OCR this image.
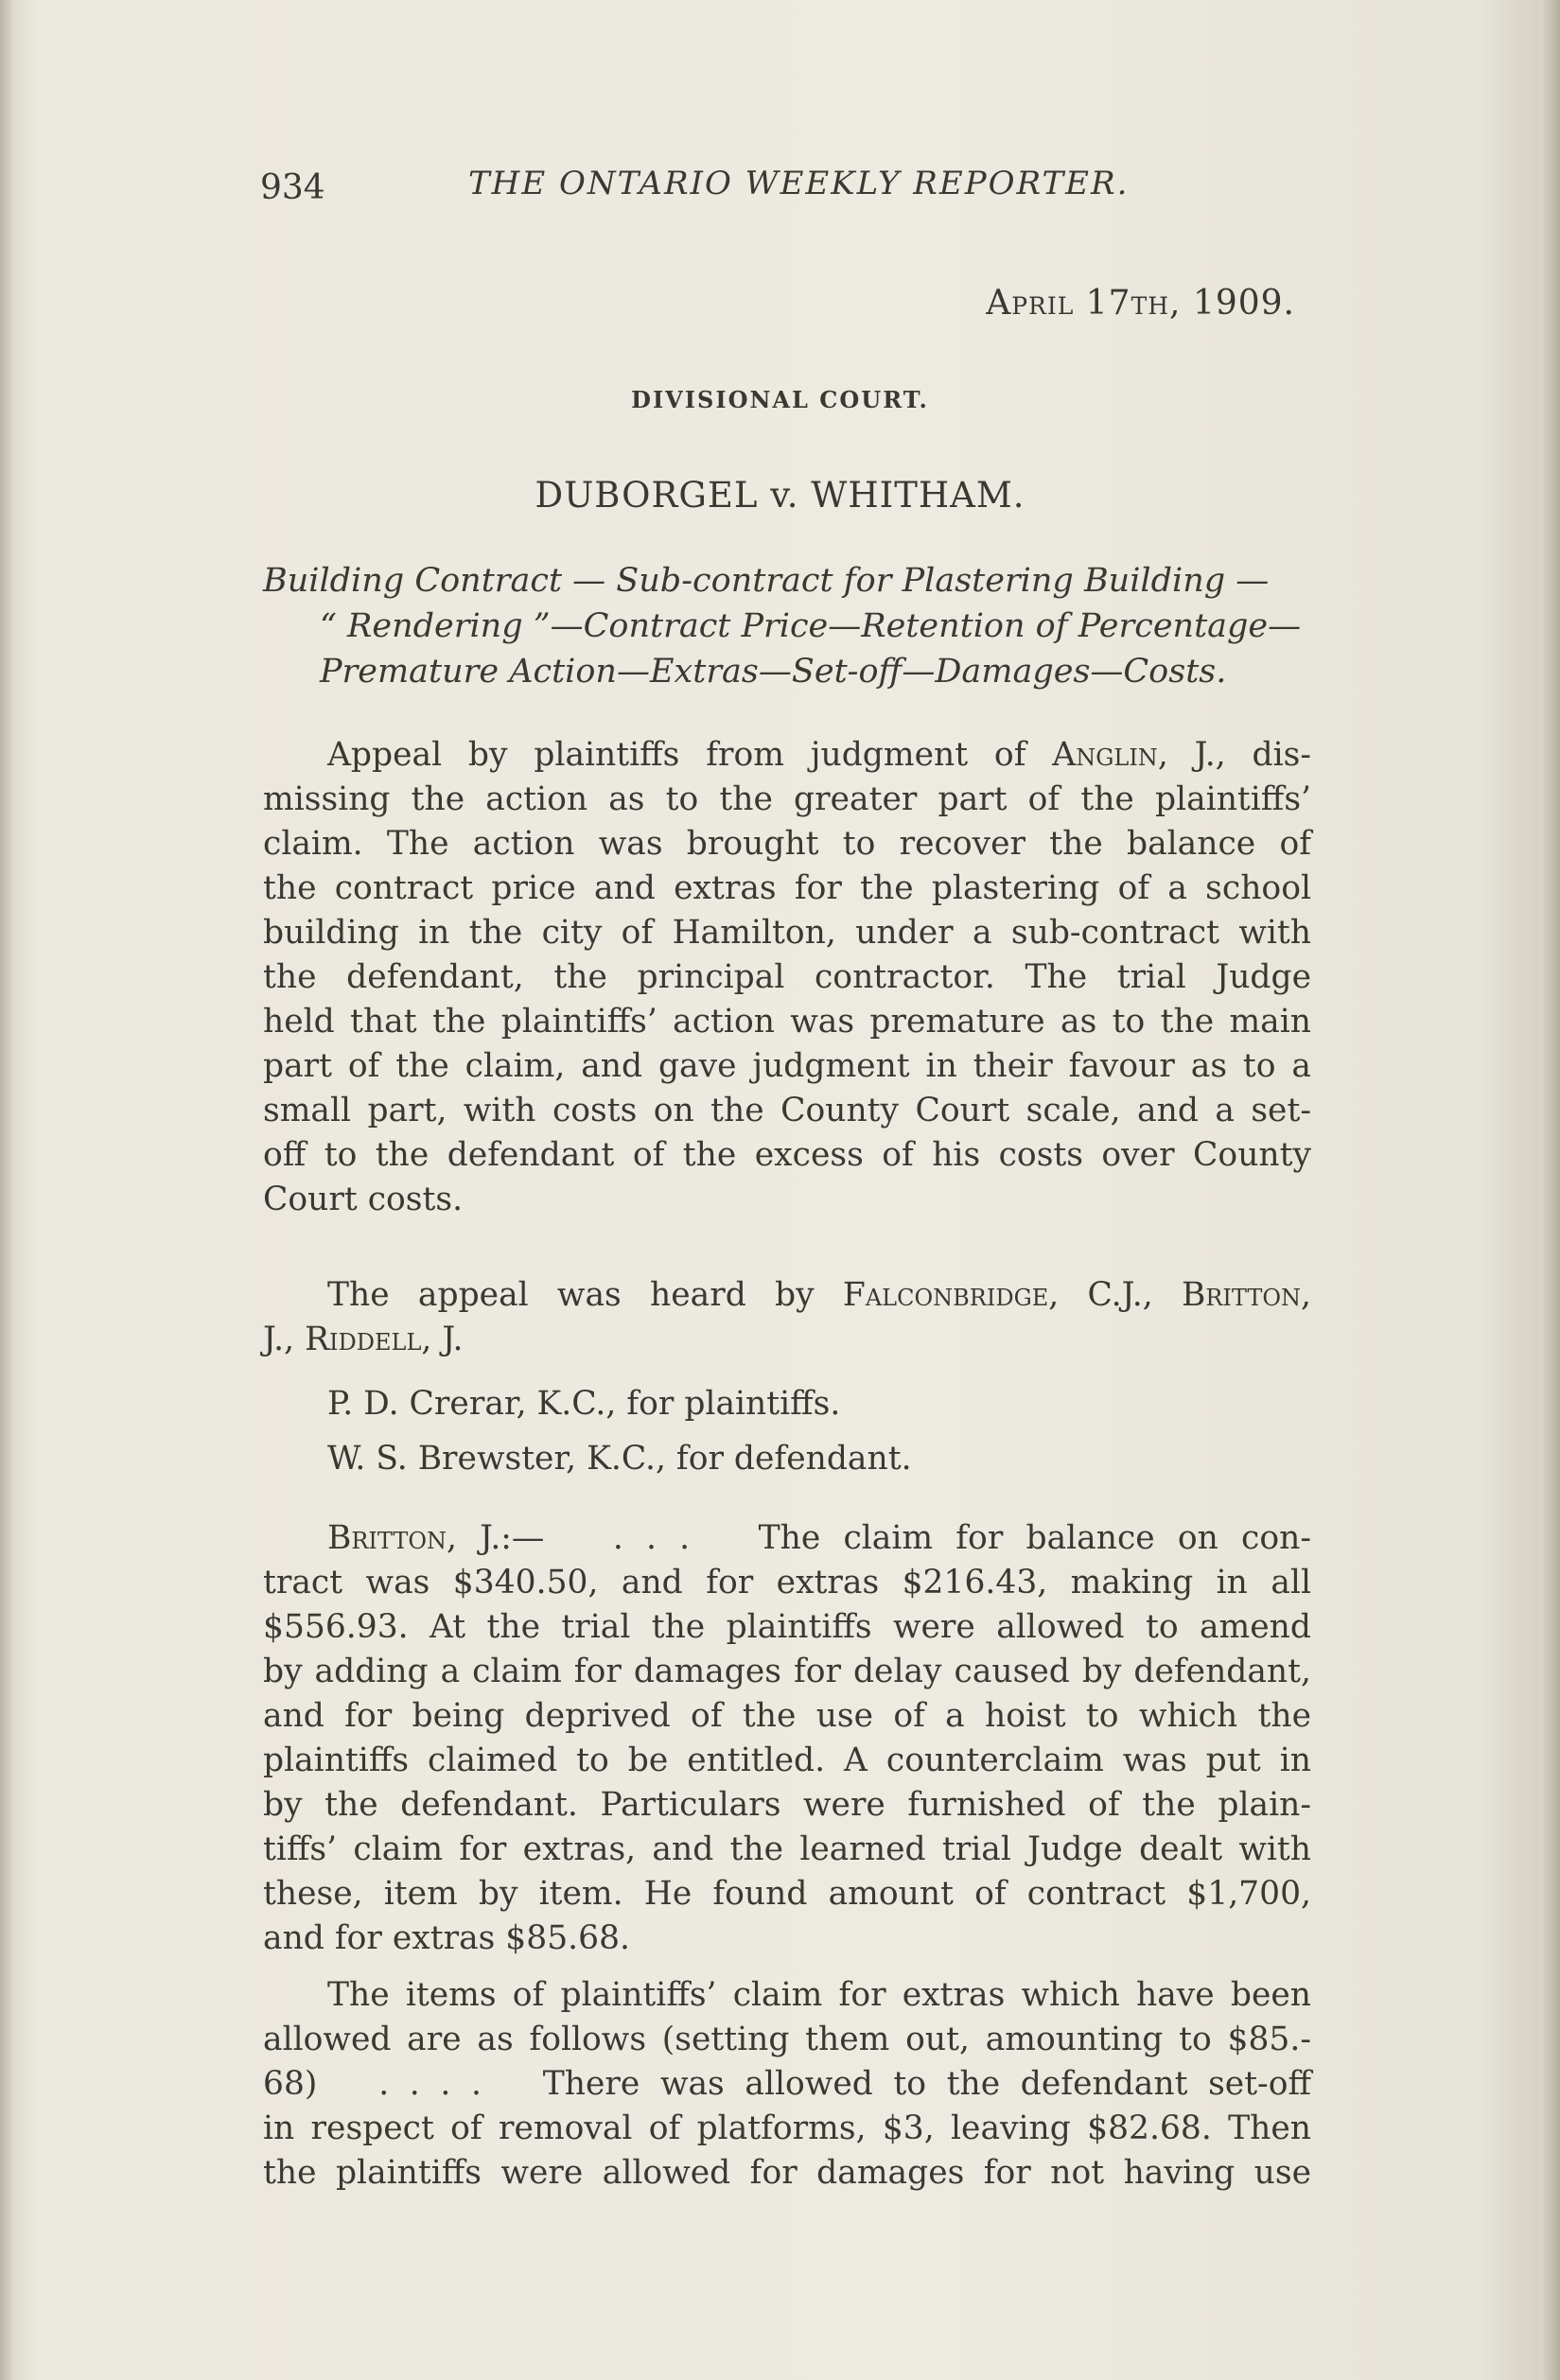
934	THE ONTARIO WEEKLY REPORTER.
April 17th, 1909.
DIVISIONAL COURT.
DUBORGEL v. WHITHAM.
Building Contract — Sub-contract for Plastering Building —
“ Rendering ”—Contract Price—Retention of Percentage—
Premature Action—Extras—Set-off—Damages—Costs.
Appeal by plaintiffs from judgment of Anglin, J., dis-
missing the action as to the greater part of the plaintiffs’
claim. The action was brought to recover the balance of
the contract price and extras for the plastering of a school
building in the city of Hamilton, under a sub-contract with
the defendant, the principal contractor. The trial Judge
held that the plaintiffs’ action was premature as to the main
part of the claim, and gave judgment in their favour as to a
small part, with costs on the County Court scale, and a set-
off to the defendant of the excess of his costs over County
Court costs.
The appeal was heard by Falconbridge, C.J., Britton,
J., Riddell, J.
P. D. Crerar, K.C., for plaintiffs.
W. S. Brewster, K.C., for defendant.
Britton, J.:—   . . .   The claim for balance on con-
tract was $340.50, and for extras $216.43, making in all
$556.93. At the trial the plaintiffs were allowed to amend
by adding a claim for damages for delay caused by defendant,
and for being deprived of the use of a hoist to which the
plaintiffs claimed to be entitled. A counterclaim was put in
by the defendant. Particulars were furnished of the plain-
tiffs’ claim for extras, and the learned trial Judge dealt with
these, item by item. He found amount of contract $1,700,
and for extras $85.68.
The items of plaintiffs’ claim for extras which have been
allowed are as follows (setting them out, amounting to $85.-
68)   . . . .   There was allowed to the defendant set-off
in respect of removal of platforms, $3, leaving $82.68. Then
the plaintiffs were allowed for damages for not having use
